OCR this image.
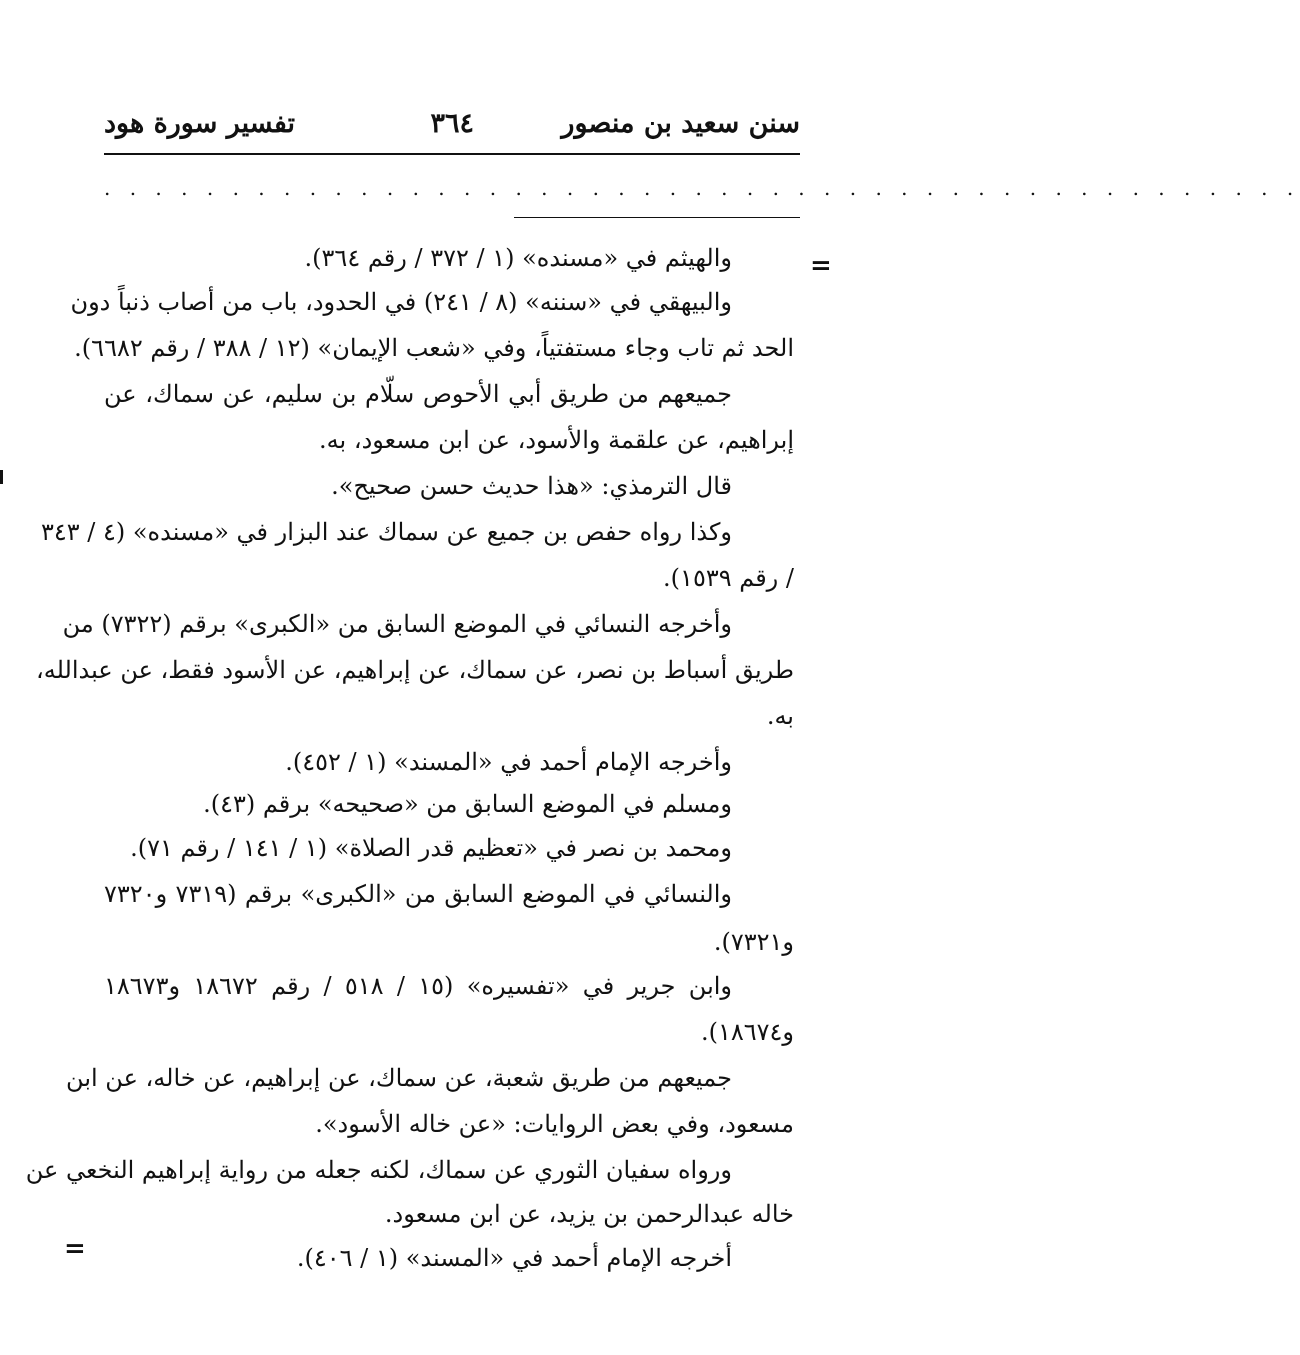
سنن سعيد بن منصور
٣٦٤
تفسير سورة هود
. . . . . . . . . . . . . . . . . . . . . . . . . . . . . . . . . . . . . . . . . . . . . . .
=
=
والهيثم في «مسنده» (١ / ٣٧٢ / رقم ٣٦٤).
والبيهقي في «سننه» (٨ / ٢٤١) في الحدود، باب من أصاب ذنباً دون
الحد ثم تاب وجاء مستفتياً، وفي «شعب الإيمان» (١٢ / ٣٨٨ / رقم ٦٦٨٢).
جميعهم من طريق أبي الأحوص سلّام بن سليم، عن سماك، عن
إبراهيم، عن علقمة والأسود، عن ابن مسعود، به.
قال الترمذي: «هذا حديث حسن صحيح».
وكذا رواه حفص بن جميع عن سماك عند البزار في «مسنده» (٤ / ٣٤٣
/ رقم ١٥٣٩).
وأخرجه النسائي في الموضع السابق من «الكبرى» برقم (٧٣٢٢) من
طريق أسباط بن نصر، عن سماك، عن إبراهيم، عن الأسود فقط، عن عبدالله،
به.
وأخرجه الإمام أحمد في «المسند» (١ / ٤٥٢).
ومسلم في الموضع السابق من «صحيحه» برقم (٤٣).
ومحمد بن نصر في «تعظيم قدر الصلاة» (١ / ١٤١ / رقم ٧١).
والنسائي في الموضع السابق من «الكبرى» برقم (٧٣١٩ و٧٣٢٠
و٧٣٢١).
وابن جرير في «تفسيره» (١٥ / ٥١٨ / رقم ١٨٦٧٢ و١٨٦٧٣
و١٨٦٧٤).
جميعهم من طريق شعبة، عن سماك، عن إبراهيم، عن خاله، عن ابن
مسعود، وفي بعض الروايات: «عن خاله الأسود».
ورواه سفيان الثوري عن سماك، لكنه جعله من رواية إبراهيم النخعي عن
خاله عبدالرحمن بن يزيد، عن ابن مسعود.
أخرجه الإمام أحمد في «المسند» (١ / ٤٠٦).
